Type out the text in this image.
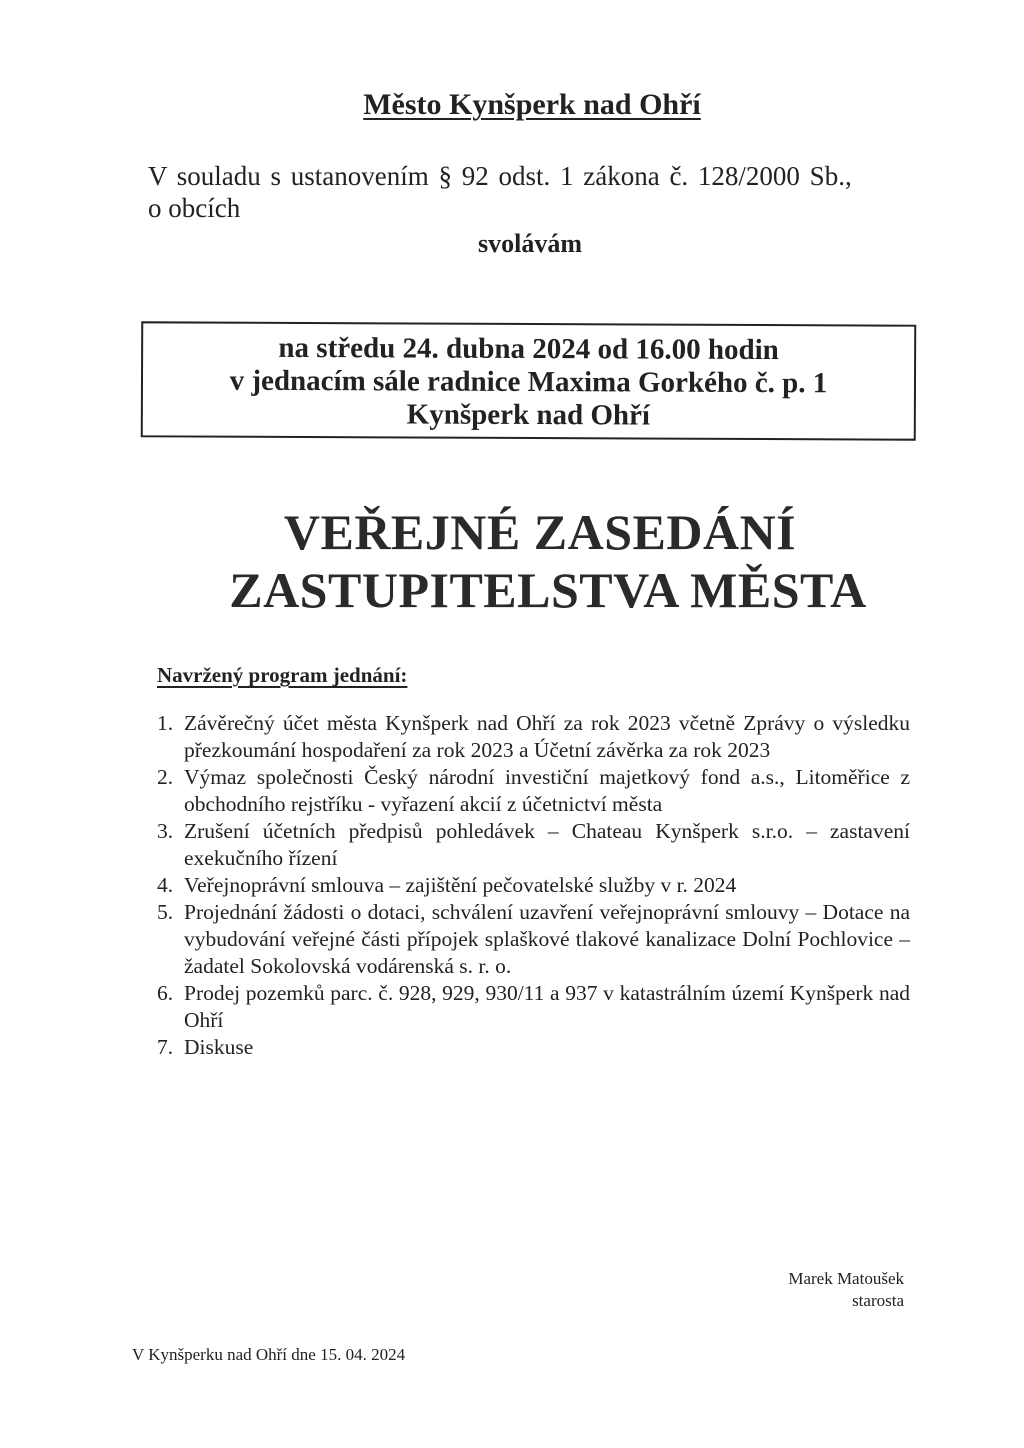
Město Kynšperk nad Ohří
V souladu s ustanovením § 92 odst. 1 zákona č. 128/2000 Sb.,
o obcích
svolávám
na středu 24. dubna 2024 od 16.00 hodin
v jednacím sále radnice Maxima Gorkého č. p. 1
Kynšperk nad Ohří
VEŘEJNÉ ZASEDÁNÍ
ZASTUPITELSTVA MĚSTA
Navržený program jednání:
1. Závěrečný účet města Kynšperk nad Ohří za rok 2023 včetně Zprávy o výsledku přezkoumání hospodaření za rok 2023 a Účetní závěrka za rok 2023
2. Výmaz společnosti Český národní investiční majetkový fond a.s., Litoměřice z obchodního rejstříku - vyřazení akcií z účetnictví města
3. Zrušení účetních předpisů pohledávek – Chateau Kynšperk s.r.o. – zastavení exekučního řízení
4. Veřejnoprávní smlouva – zajištění pečovatelské služby v r. 2024
5. Projednání žádosti o dotaci, schválení uzavření veřejnoprávní smlouvy – Dotace na vybudování veřejné části přípojek splaškové tlakové kanalizace Dolní Pochlovice – žadatel Sokolovská vodárenská s. r. o.
6. Prodej pozemků parc. č. 928, 929, 930/11 a 937 v katastrálním území Kynšperk nad Ohří
7. Diskuse
Marek Matoušek
starosta
V Kynšperku nad Ohří dne 15. 04. 2024
